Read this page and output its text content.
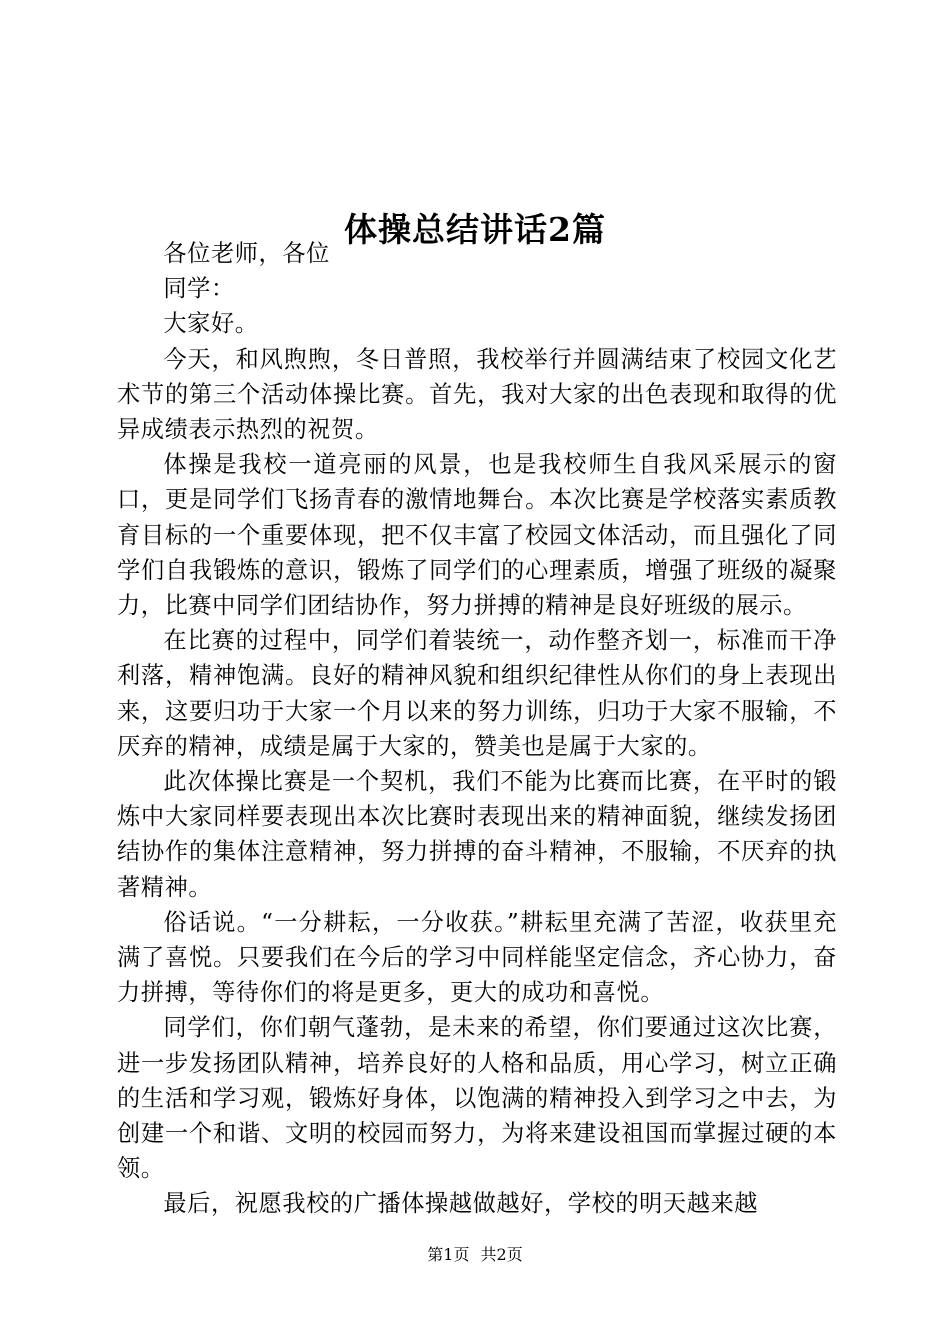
体操总结讲话2篇

各位老师，各位

同学：

大家好。

今天，和风煦煦，冬日普照，我校举行并圆满结束了校园文化艺术节的第三个活动体操比赛。首先，我对大家的出色表现和取得的优异成绩表示热烈的祝贺。

体操是我校一道亮丽的风景，也是我校师生自我风采展示的窗口，更是同学们飞扬青春的激情地舞台。本次比赛是学校落实素质教育目标的一个重要体现，把不仅丰富了校园文体活动，而且强化了同学们自我锻炼的意识，锻炼了同学们的心理素质，增强了班级的凝聚力，比赛中同学们团结协作，努力拼搏的精神是良好班级的展示。

在比赛的过程中，同学们着装统一，动作整齐划一，标准而干净利落，精神饱满。良好的精神风貌和组织纪律性从你们的身上表现出来，这要归功于大家一个月以来的努力训练，归功于大家不服输，不厌弃的精神，成绩是属于大家的，赞美也是属于大家的。

此次体操比赛是一个契机，我们不能为比赛而比赛，在平时的锻炼中大家同样要表现出本次比赛时表现出来的精神面貌，继续发扬团结协作的集体注意精神，努力拼搏的奋斗精神，不服输，不厌弃的执著精神。

俗话说。“一分耕耘，一分收获。”耕耘里充满了苦涩，收获里充满了喜悦。只要我们在今后的学习中同样能坚定信念，齐心协力，奋力拼搏，等待你们的将是更多，更大的成功和喜悦。

同学们，你们朝气蓬勃，是未来的希望，你们要通过这次比赛，进一步发扬团队精神，培养良好的人格和品质，用心学习，树立正确的生活和学习观，锻炼好身体，以饱满的精神投入到学习之中去，为创建一个和谐、文明的校园而努力，为将来建设祖国而掌握过硬的本领。

最后，祝愿我校的广播体操越做越好，学校的明天越来越

第1页 共2页
